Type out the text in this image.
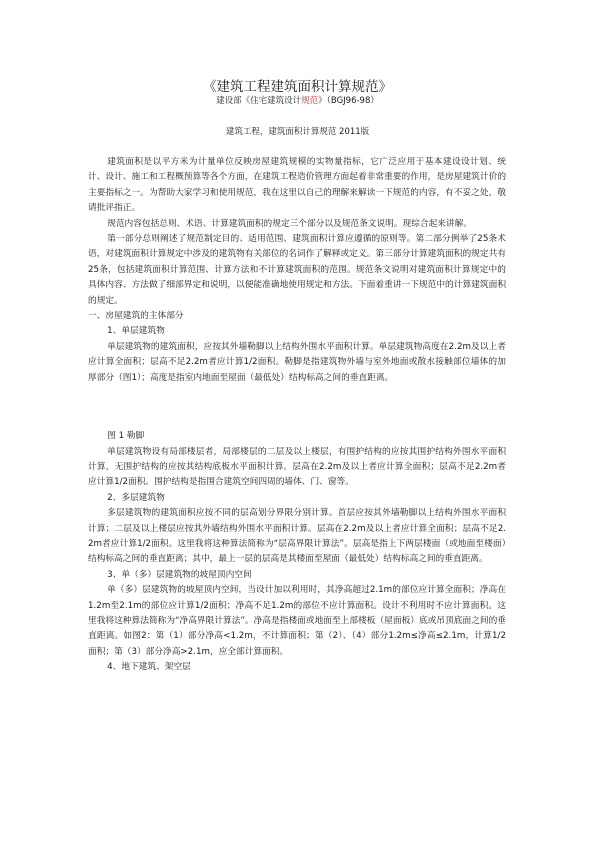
《建筑工程建筑面积计算规范》
建设部《住宅建筑设计规范》（BGJ96-98）
建筑工程，建筑面积计算规范 2011版

建筑面积是以平方米为计量单位反映房屋建筑规模的实物量指标，它广泛应用于基本建设设计划、统计、设计、施工和工程概预算等各个方面，在建筑工程造价管理方面起着非常重要的作用，是房屋建筑计价的主要指标之一。为帮助大家学习和使用规范，我在这里以自己的理解来解读一下规范的内容，有不妥之处，敬请批评指正。

规范内容包括总则、术语、计算建筑面积的规定三个部分以及规范条文说明。现综合起来讲解。

第一部分总则阐述了规范制定目的、适用范围、建筑面积计算应遵循的原则等。第二部分例举了25条术语，对建筑面积计算规定中涉及的建筑物有关部位的名词作了解释或定义。第三部分计算建筑面积的规定共有25条，包括建筑面积计算范围、计算方法和不计算建筑面积的范围。规范条文说明对建筑面积计算规定中的具体内容、方法做了细部界定和说明，以便能准确地使用规定和方法。下面着重讲一下规范中的计算建筑面积的规定。

一、房屋建筑的主体部分

1、单层建筑物

单层建筑物的建筑面积，应按其外墙勒脚以上结构外围水平面积计算。单层建筑物高度在2.2m及以上者应计算全面积；层高不足2.2m者应计算1/2面积。勒脚是指建筑物外墙与室外地面或散水接触部位墙体的加厚部分（图1）；高度是指室内地面至屋面（最低处）结构标高之间的垂直距离。

图 1 勒脚

单层建筑物设有局部楼层者，局部楼层的二层及以上楼层，有围护结构的应按其围护结构外围水平面积计算，无围护结构的应按其结构底板水平面积计算。层高在2.2m及以上者应计算全面积；层高不足2.2m者应计算1/2面积。围护结构是指围合建筑空间四周的墙体、门、窗等。

2、多层建筑物

多层建筑物的建筑面积应按不同的层高划分界限分别计算。首层应按其外墙勒脚以上结构外围水平面积计算；二层及以上楼层应按其外墙结构外围水平面积计算。层高在2.2m及以上者应计算全面积；层高不足2.2m者应计算1/2面积。这里我将这种算法简称为“层高界限计算法”。层高是指上下两层楼面（或地面至楼面）结构标高之间的垂直距离；其中，最上一层的层高是其楼面至屋面（最低处）结构标高之间的垂直距离。

3、单（多）层建筑物的坡屋顶内空间

单（多）层建筑物的坡屋顶内空间，当设计加以利用时，其净高超过2.1m的部位应计算全面积；净高在1.2m至2.1m的部位应计算1/2面积；净高不足1.2m的部位不应计算面积。设计不利用时不应计算面积。这里我将这种算法简称为“净高界限计算法”。净高是指楼面或地面至上部楼板（屋面板）底或吊顶底面之间的垂直距离。如图2：第（1）部分净高<1.2m，不计算面积；第（2）、（4）部分1.2m≤净高≤2.1m，计算1/2面积；第（3）部分净高>2.1m，应全部计算面积。

4、地下建筑、架空层
